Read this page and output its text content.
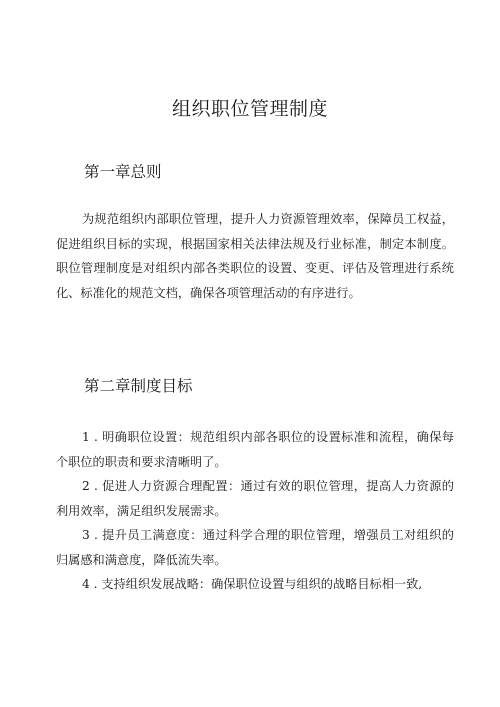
组织职位管理制度
第一章总则

为规范组织内部职位管理，提升人力资源管理效率，保障员工权益，促进组织目标的实现，根据国家相关法律法规及行业标准，制定本制度。职位管理制度是对组织内部各类职位的设置、变更、评估及管理进行系统化、标准化的规范文档，确保各项管理活动的有序进行。

第二章制度目标

1 . 明确职位设置：规范组织内部各职位的设置标准和流程，确保每个职位的职责和要求清晰明了。

2 . 促进人力资源合理配置：通过有效的职位管理，提高人力资源的利用效率，满足组织发展需求。

3 . 提升员工满意度：通过科学合理的职位管理，增强员工对组织的归属感和满意度，降低流失率。

4 . 支持组织发展战略：确保职位设置与组织的战略目标相一致,
